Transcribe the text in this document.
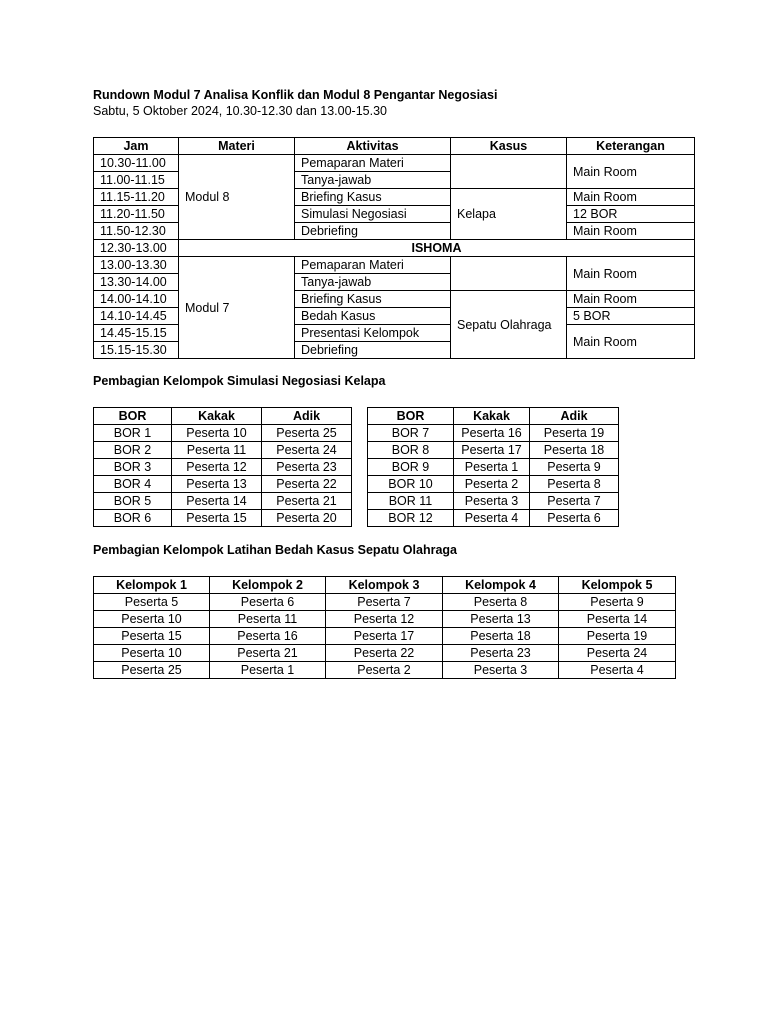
Rundown Modul 7 Analisa Konflik dan Modul 8 Pengantar Negosiasi
Sabtu, 5 Oktober 2024, 10.30-12.30 dan 13.00-15.30
Jam	Materi	Aktivitas	Kasus	Keterangan
10.30-11.00	Modul 8	Pemaparan Materi		Main Room
11.00-11.15		Tanya-jawab		
11.15-11.20		Briefing Kasus	Kelapa	Main Room
11.20-11.50		Simulasi Negosiasi		12 BOR
11.50-12.30		Debriefing		Main Room
12.30-13.00	ISHOMA			
13.00-13.30	Modul 7	Pemaparan Materi		Main Room
13.30-14.00		Tanya-jawab		
14.00-14.10		Briefing Kasus	Sepatu Olahraga	Main Room
14.10-14.45		Bedah Kasus		5 BOR
14.45-15.15		Presentasi Kelompok		Main Room
15.15-15.30		Debriefing		
Pembagian Kelompok Simulasi Negosiasi Kelapa
BOR	Kakak	Adik
BOR 1	Peserta 10	Peserta 25
BOR 2	Peserta 11	Peserta 24
BOR 3	Peserta 12	Peserta 23
BOR 4	Peserta 13	Peserta 22
BOR 5	Peserta 14	Peserta 21
BOR 6	Peserta 15	Peserta 20
BOR	Kakak	Adik
BOR 7	Peserta 16	Peserta 19
BOR 8	Peserta 17	Peserta 18
BOR 9	Peserta 1	Peserta 9
BOR 10	Peserta 2	Peserta 8
BOR 11	Peserta 3	Peserta 7
BOR 12	Peserta 4	Peserta 6
Pembagian Kelompok Latihan Bedah Kasus Sepatu Olahraga
Kelompok 1	Kelompok 2	Kelompok 3	Kelompok 4	Kelompok 5
Peserta 5	Peserta 6	Peserta 7	Peserta 8	Peserta 9
Peserta 10	Peserta 11	Peserta 12	Peserta 13	Peserta 14
Peserta 15	Peserta 16	Peserta 17	Peserta 18	Peserta 19
Peserta 10	Peserta 21	Peserta 22	Peserta 23	Peserta 24
Peserta 25	Peserta 1	Peserta 2	Peserta 3	Peserta 4
